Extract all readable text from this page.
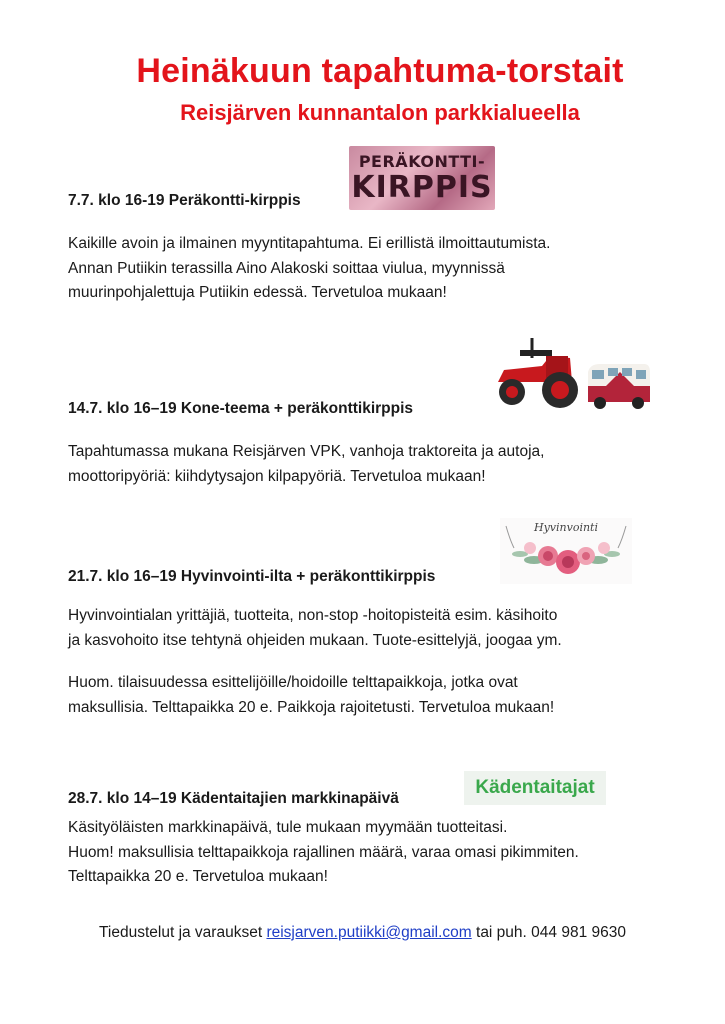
Heinäkuun tapahtuma-torstait
Reisjärven kunnantalon parkkialueella
PERÄKONTTI-
KIRPPIS
7.7. klo 16-19 Peräkontti-kirppis
Kaikille avoin ja ilmainen myyntitapahtuma. Ei erillistä ilmoittautumista.
Annan Putiikin terassilla Aino Alakoski soittaa viulua, myynnissä
muurinpohjalettuja Putiikin edessä. Tervetuloa mukaan!
14.7. klo 16–19 Kone-teema + peräkonttikirppis
Tapahtumassa mukana Reisjärven VPK, vanhoja traktoreita ja autoja,
moottoripyöriä: kiihdytysajon kilpapyöriä. Tervetuloa mukaan!
Hyvinvointi
21.7. klo 16–19 Hyvinvointi-ilta + peräkonttikirppis
Hyvinvointialan yrittäjiä, tuotteita, non-stop -hoitopisteitä esim. käsihoito
ja kasvohoito itse tehtynä ohjeiden mukaan. Tuote-esittelyjä, joogaa ym.
Huom. tilaisuudessa esittelijöille/hoidoille telttapaikkoja, jotka ovat
maksullisia. Telttapaikka 20 e. Paikkoja rajoitetusti. Tervetuloa mukaan!
Kädentaitajat
28.7. klo 14–19 Kädentaitajien markkinapäivä
Käsityöläisten markkinapäivä, tule mukaan myymään tuotteitasi.
Huom! maksullisia telttapaikkoja rajallinen määrä, varaa omasi pikimmiten.
Telttapaikka 20 e. Tervetuloa mukaan!
Tiedustelut ja varaukset reisjarven.putiikki@gmail.com tai puh. 044 981 9630
